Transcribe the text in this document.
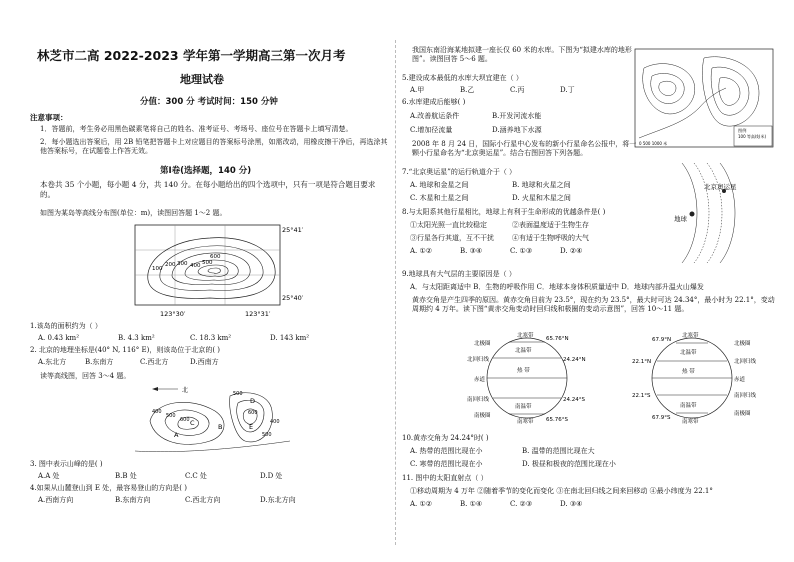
林芝市二高 2022-2023 学年第一学期高三第一次月考
地理试卷
分值：300 分 考试时间：150 分钟
注意事项：
1．答题前，考生务必用黑色碳素笔将自己的姓名、准考证号、考场号、座位号在答题卡上填写清楚。
2．每小题选出答案后，用 2B 铅笔把答题卡上对应题目的答案标号涂黑，如需改动，用橡皮擦干净后，再选涂其他答案标号，在试题卷上作答无效。
第Ⅰ卷(选择题，140 分)
本卷共 35 个小题，每小题 4 分，共 140 分。在每小题给出的四个选项中，只有一项是符合题目要求的。
如图为某岛等高线分布图(单位：m)，读图回答题 1～2 题。
100
200 300 400 500
600
25°41′
25°40′
123°30′	123°31′
1.该岛的面积约为（ ）
A. 0.43 km²	B. 4.3 km²	C. 18.3 km²	D. 143 km²
2. 北京的地理坐标是(40° N, 116° E)，则该岛位于北京的( )
A.东北方	B.东南方	C.西北方	D.西南方
读等高线图，回答 3～4 题。
北
A
B
C
D
E
400
500
600
500
400
600
500
3. 图中表示山峰的是( )
A.A 处	B.B 处	C.C 处	D.D 处
4.如果从山麓登山到 E 处，最容易登山的方向是( )
A.西南方向	B.东南方向	C.西北方向	D.东北方向
我国东南沿海某地拟建一座长仅 60 米的水库。下图为“拟建水库的地形图”。读图回答 5～6 题。
图例
100 等高线(米)
0 500 1000 米
5.建设成本最低的水库大坝宜建在（ ）
A.甲	B.乙	C.丙	D.丁
6.水库建成后能够( )
A.改善航运条件	B.开发河流水能
C.增加径流量	D.涵养地下水源
2008 年 8 月 24 日，国际小行星中心发布的新小行星命名公报中，将一颗小行星命名为“北京奥运星”。结合右图回答下列各题。
北京奥运星
地球
7.“北京奥运星”的运行轨道介于（ ）
A. 地球和金星之间	B. 地球和火星之间
C. 木星和土星之间	D. 火星和木星之间
8.与太阳系其他行星相比，地球上有利于生命形成的优越条件是( )
①太阳光照一直比较稳定	②表面温度适于生物生存
③行星各行其道，互不干扰	④有适于生物呼吸的大气
A. ①②	B. ③④	C. ①③	D. ②④
9.地球具有大气层的主要原因是（ ）
A．与太阳距离适中 B．生物的呼吸作用 C．地球本身体积质量适中 D．地球内部升温火山爆发
黄赤交角是产生四季的原因。黄赤交角目前为 23.5°，现在约为 23.5°，最大时可达 24.34°，最小时为 22.1°，变动周期约 4 万年。读下图“黄赤交角变动时回归线和极圈的变动示意图”，回答 10～11 题。
北寒带
北极圈
北回归线
赤道
南回归线
南极圈
南寒带
北温带
热 带
南温带
65.76°N
24.24°N
24.24°S
65.76°S
北寒带
北极圈
北回归线
赤道
南回归线
南极圈
南寒带
北温带
热 带
南温带
67.9°N
22.1°N
22.1°S
67.9°S
10.黄赤交角为 24.24°时( )
A. 热带的范围比现在小	B. 温带的范围比现在大
C. 寒带的范围比现在小	D. 极昼和极夜的范围比现在小
11. 图中的太阳直射点（ ）
①移动周期为 4 万年 ②随着季节的变化而变化 ③在南北回归线之间来回移动 ④最小纬度为 22.1°
A. ①②	B. ①④	C. ②③	D. ③④
